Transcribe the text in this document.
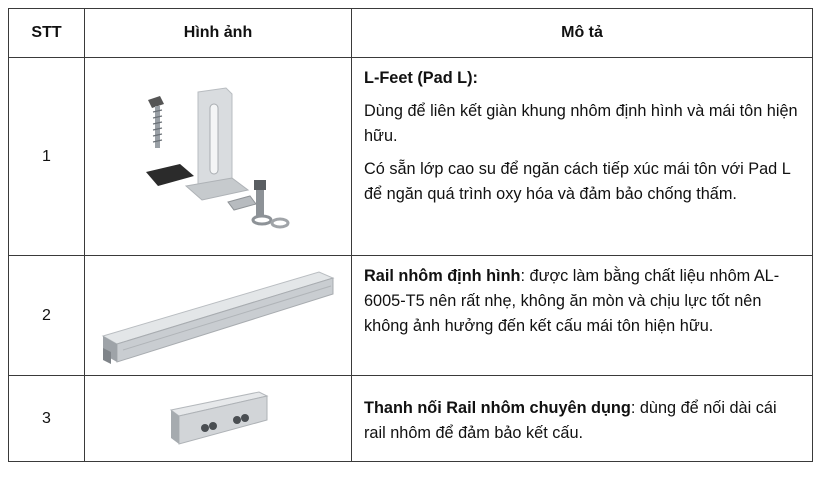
STT	Hình ảnh	Mô tả
1		L-Feet (Pad L):

Dùng để liên kết giàn khung nhôm định hình và mái tôn hiện hữu.

Có sẵn lớp cao su để ngăn cách tiếp xúc mái tôn với Pad L để ngăn quá trình oxy hóa và đảm bảo chống thấm.

2		Rail nhôm định hình: được làm bằng chất liệu nhôm AL-6005-T5 nên rất nhẹ, không ăn mòn và chịu lực tốt nên không ảnh hưởng đến kết cấu mái tôn hiện hữu.
3		Thanh nối Rail nhôm chuyên dụng: dùng để nối dài cái rail nhôm để đảm bảo kết cấu.
